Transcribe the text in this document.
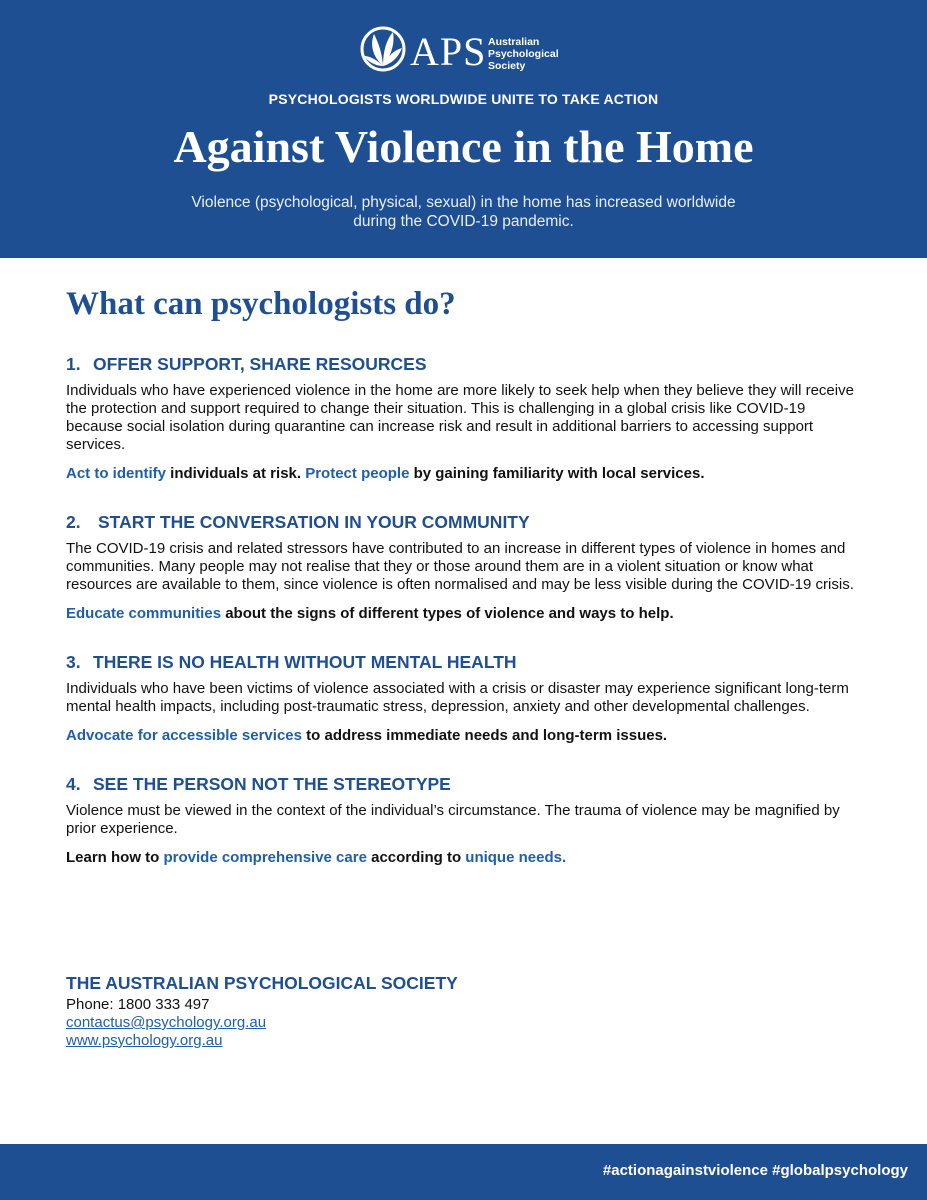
APS Australian
Psychological
Society
PSYCHOLOGISTS WORLDWIDE UNITE TO TAKE ACTION
Against Violence in the Home
Violence (psychological, physical, sexual) in the home has increased worldwide
during the COVID-19 pandemic.
What can psychologists do?
1. OFFER SUPPORT, SHARE RESOURCES

Individuals who have experienced violence in the home are more likely to seek help when they believe they will receive the protection and support required to change their situation. This is challenging in a global crisis like COVID-19 because social isolation during quarantine can increase risk and result in additional barriers to accessing support services.

Act to identify individuals at risk. Protect people by gaining familiarity with local services.

2. START THE CONVERSATION IN YOUR COMMUNITY

The COVID-19 crisis and related stressors have contributed to an increase in different types of violence in homes and communities. Many people may not realise that they or those around them are in a violent situation or know what resources are available to them, since violence is often normalised and may be less visible during the COVID-19 crisis.

Educate communities about the signs of different types of violence and ways to help.

3. THERE IS NO HEALTH WITHOUT MENTAL HEALTH

Individuals who have been victims of violence associated with a crisis or disaster may experience significant long-term mental health impacts, including post-traumatic stress, depression, anxiety and other developmental challenges.

Advocate for accessible services to address immediate needs and long-term issues.

4. SEE THE PERSON NOT THE STEREOTYPE

Violence must be viewed in the context of the individual’s circumstance. The trauma of violence may be magnified by prior experience.

Learn how to provide comprehensive care according to unique needs.

THE AUSTRALIAN PSYCHOLOGICAL SOCIETY
Phone: 1800 333 497
contactus@psychology.org.au
www.psychology.org.au
#actionagainstviolence #globalpsychology
